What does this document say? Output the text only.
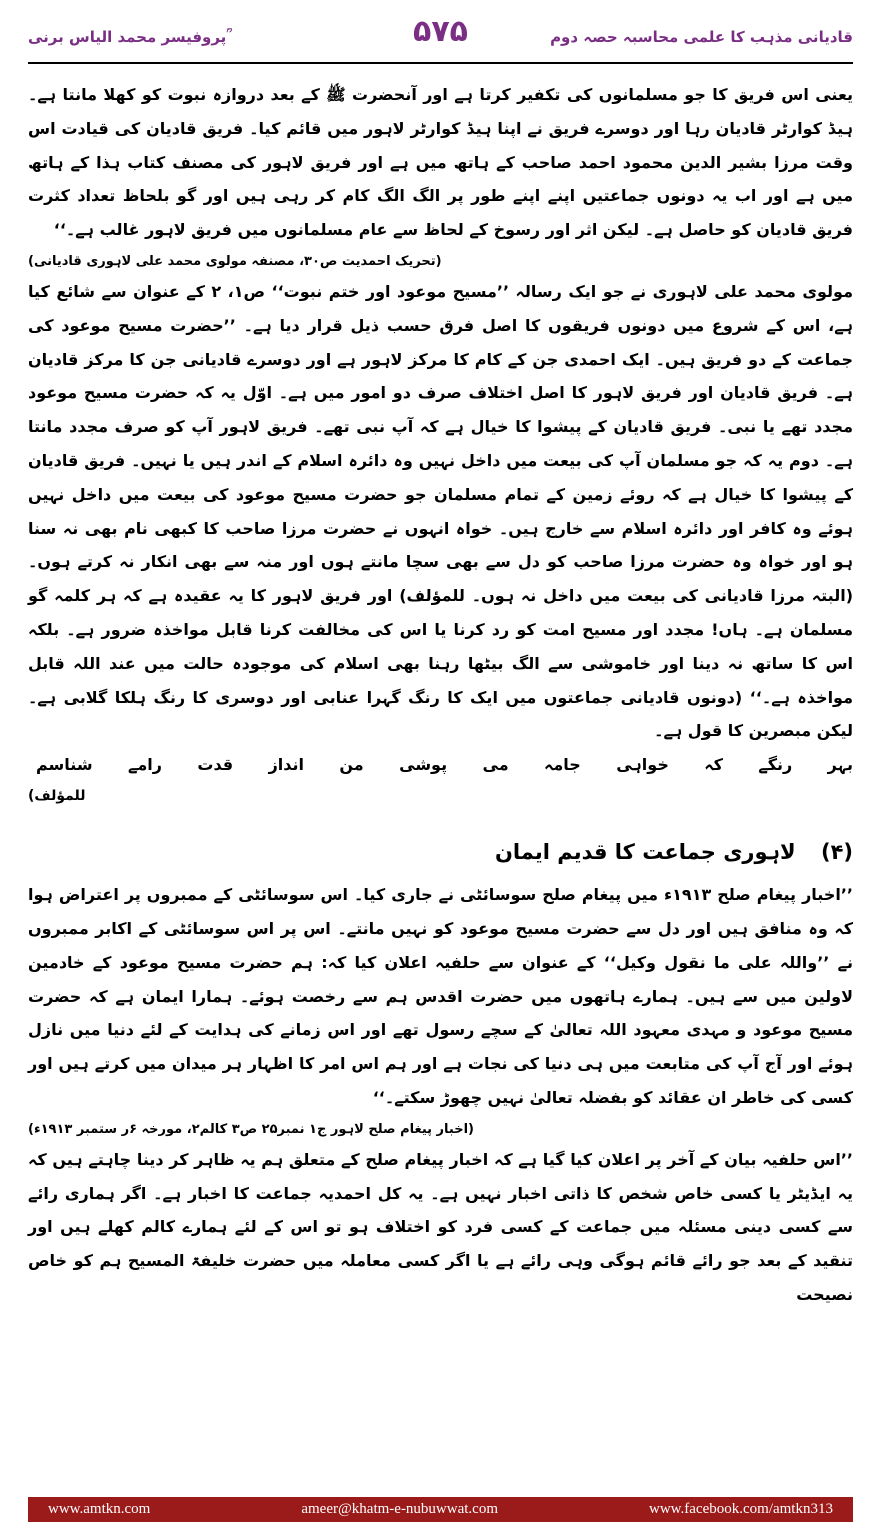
پروفیسر محمد الیاس برنی ؒ	۵۷۵	قادیانی مذہب کا علمی محاسبہ حصہ دوم

یعنی اس فریق کا جو مسلمانوں کی تکفیر کرتا ہے اور آنحضرت ﷺ کے بعد دروازہ نبوت کو کھلا مانتا ہے۔ ہیڈ کوارٹر قادیان رہا اور دوسرے فریق نے اپنا ہیڈ کوارٹر لاہور میں قائم کیا۔ فریق قادیان کی قیادت اس وقت مرزا بشیر الدین محمود احمد صاحب کے ہاتھ میں ہے اور فریق لاہور کی مصنف کتاب ہذا کے ہاتھ میں ہے اور اب یہ دونوں جماعتیں اپنے اپنے طور پر الگ الگ کام کر رہی ہیں اور گو بلحاظ تعداد کثرت فریق قادیان کو حاصل ہے۔ لیکن اثر اور رسوخ کے لحاظ سے عام مسلمانوں میں فریق لاہور غالب ہے۔‘‘

(تحریک احمدیت ص۳۰، مصنفہ مولوی محمد علی لاہوری قادیانی)

مولوی محمد علی لاہوری نے جو ایک رسالہ ’’مسیح موعود اور ختم نبوت‘‘ ص۱، ۲ کے عنوان سے شائع کیا ہے، اس کے شروع میں دونوں فریقوں کا اصل فرق حسب ذیل قرار دیا ہے۔ ’’حضرت مسیح موعود کی جماعت کے دو فریق ہیں۔ ایک احمدی جن کے کام کا مرکز لاہور ہے اور دوسرے قادیانی جن کا مرکز قادیان ہے۔ فریق قادیان اور فریق لاہور کا اصل اختلاف صرف دو امور میں ہے۔ اوّل یہ کہ حضرت مسیح موعود مجدد تھے یا نبی۔ فریق قادیان کے پیشوا کا خیال ہے کہ آپ نبی تھے۔ فریق لاہور آپ کو صرف مجدد مانتا ہے۔ دوم یہ کہ جو مسلمان آپ کی بیعت میں داخل نہیں وہ دائرہ اسلام کے اندر ہیں یا نہیں۔ فریق قادیان کے پیشوا کا خیال ہے کہ روئے زمین کے تمام مسلمان جو حضرت مسیح موعود کی بیعت میں داخل نہیں ہوئے وہ کافر اور دائرہ اسلام سے خارج ہیں۔ خواہ انہوں نے حضرت مرزا صاحب کا کبھی نام بھی نہ سنا ہو اور خواہ وہ حضرت مرزا صاحب کو دل سے بھی سچا مانتے ہوں اور منہ سے بھی انکار نہ کرتے ہوں۔ (البتہ مرزا قادیانی کی بیعت میں داخل نہ ہوں۔ للمؤلف) اور فریق لاہور کا یہ عقیدہ ہے کہ ہر کلمہ گو مسلمان ہے۔ ہاں! مجدد اور مسیح امت کو رد کرنا یا اس کی مخالفت کرنا قابل مواخذہ ضرور ہے۔ بلکہ اس کا ساتھ نہ دینا اور خاموشی سے الگ بیٹھا رہنا بھی اسلام کی موجودہ حالت میں عند اللہ قابل مواخذہ ہے۔‘‘ (دونوں قادیانی جماعتوں میں ایک کا رنگ گہرا عنابی اور دوسری کا رنگ ہلکا گلابی ہے۔ لیکن مبصرین کا قول ہے۔

بہر
رنگے
کہ
خواہی
جامہ
می
پوشی
من
انداز
قدت
رامے
شناسم
للمؤلف)
(۴) لاہوری جماعت کا قدیم ایمان

’’اخبار پیغام صلح ۱۹۱۳ء میں پیغام صلح سوسائٹی نے جاری کیا۔ اس سوسائٹی کے ممبروں پر اعتراض ہوا کہ وہ منافق ہیں اور دل سے حضرت مسیح موعود کو نہیں مانتے۔ اس پر اس سوسائٹی کے اکابر ممبروں نے ’’واللہ علی ما نقول وکیل‘‘ کے عنوان سے حلفیہ اعلان کیا کہ: ہم حضرت مسیح موعود کے خادمین لاولین میں سے ہیں۔ ہمارے ہاتھوں میں حضرت اقدس ہم سے رخصت ہوئے۔ ہمارا ایمان ہے کہ حضرت مسیح موعود و مہدی معہود اللہ تعالیٰ کے سچے رسول تھے اور اس زمانے کی ہدایت کے لئے دنیا میں نازل ہوئے اور آج آپ کی متابعت میں ہی دنیا کی نجات ہے اور ہم اس امر کا اظہار ہر میدان میں کرتے ہیں اور کسی کی خاطر ان عقائد کو بفضلہ تعالیٰ نہیں چھوڑ سکتے۔‘‘

(اخبار پیغام صلح لاہور ج۱ نمبر۲۵ ص۳ کالم۲، مورخہ ۶ر ستمبر ۱۹۱۳ء)

’’اس حلفیہ بیان کے آخر پر اعلان کیا گیا ہے کہ اخبار پیغام صلح کے متعلق ہم یہ ظاہر کر دینا چاہتے ہیں کہ یہ ایڈیٹر یا کسی خاص شخص کا ذاتی اخبار نہیں ہے۔ یہ کل احمدیہ جماعت کا اخبار ہے۔ اگر ہماری رائے سے کسی دینی مسئلہ میں جماعت کے کسی فرد کو اختلاف ہو تو اس کے لئے ہمارے کالم کھلے ہیں اور تنقید کے بعد جو رائے قائم ہوگی وہی رائے ہے یا اگر کسی معاملہ میں حضرت خلیفۃ المسیح ہم کو خاص نصیحت

www.amtkn.com	ameer@khatm-e-nubuwwat.com	www.facebook.com/amtkn313
